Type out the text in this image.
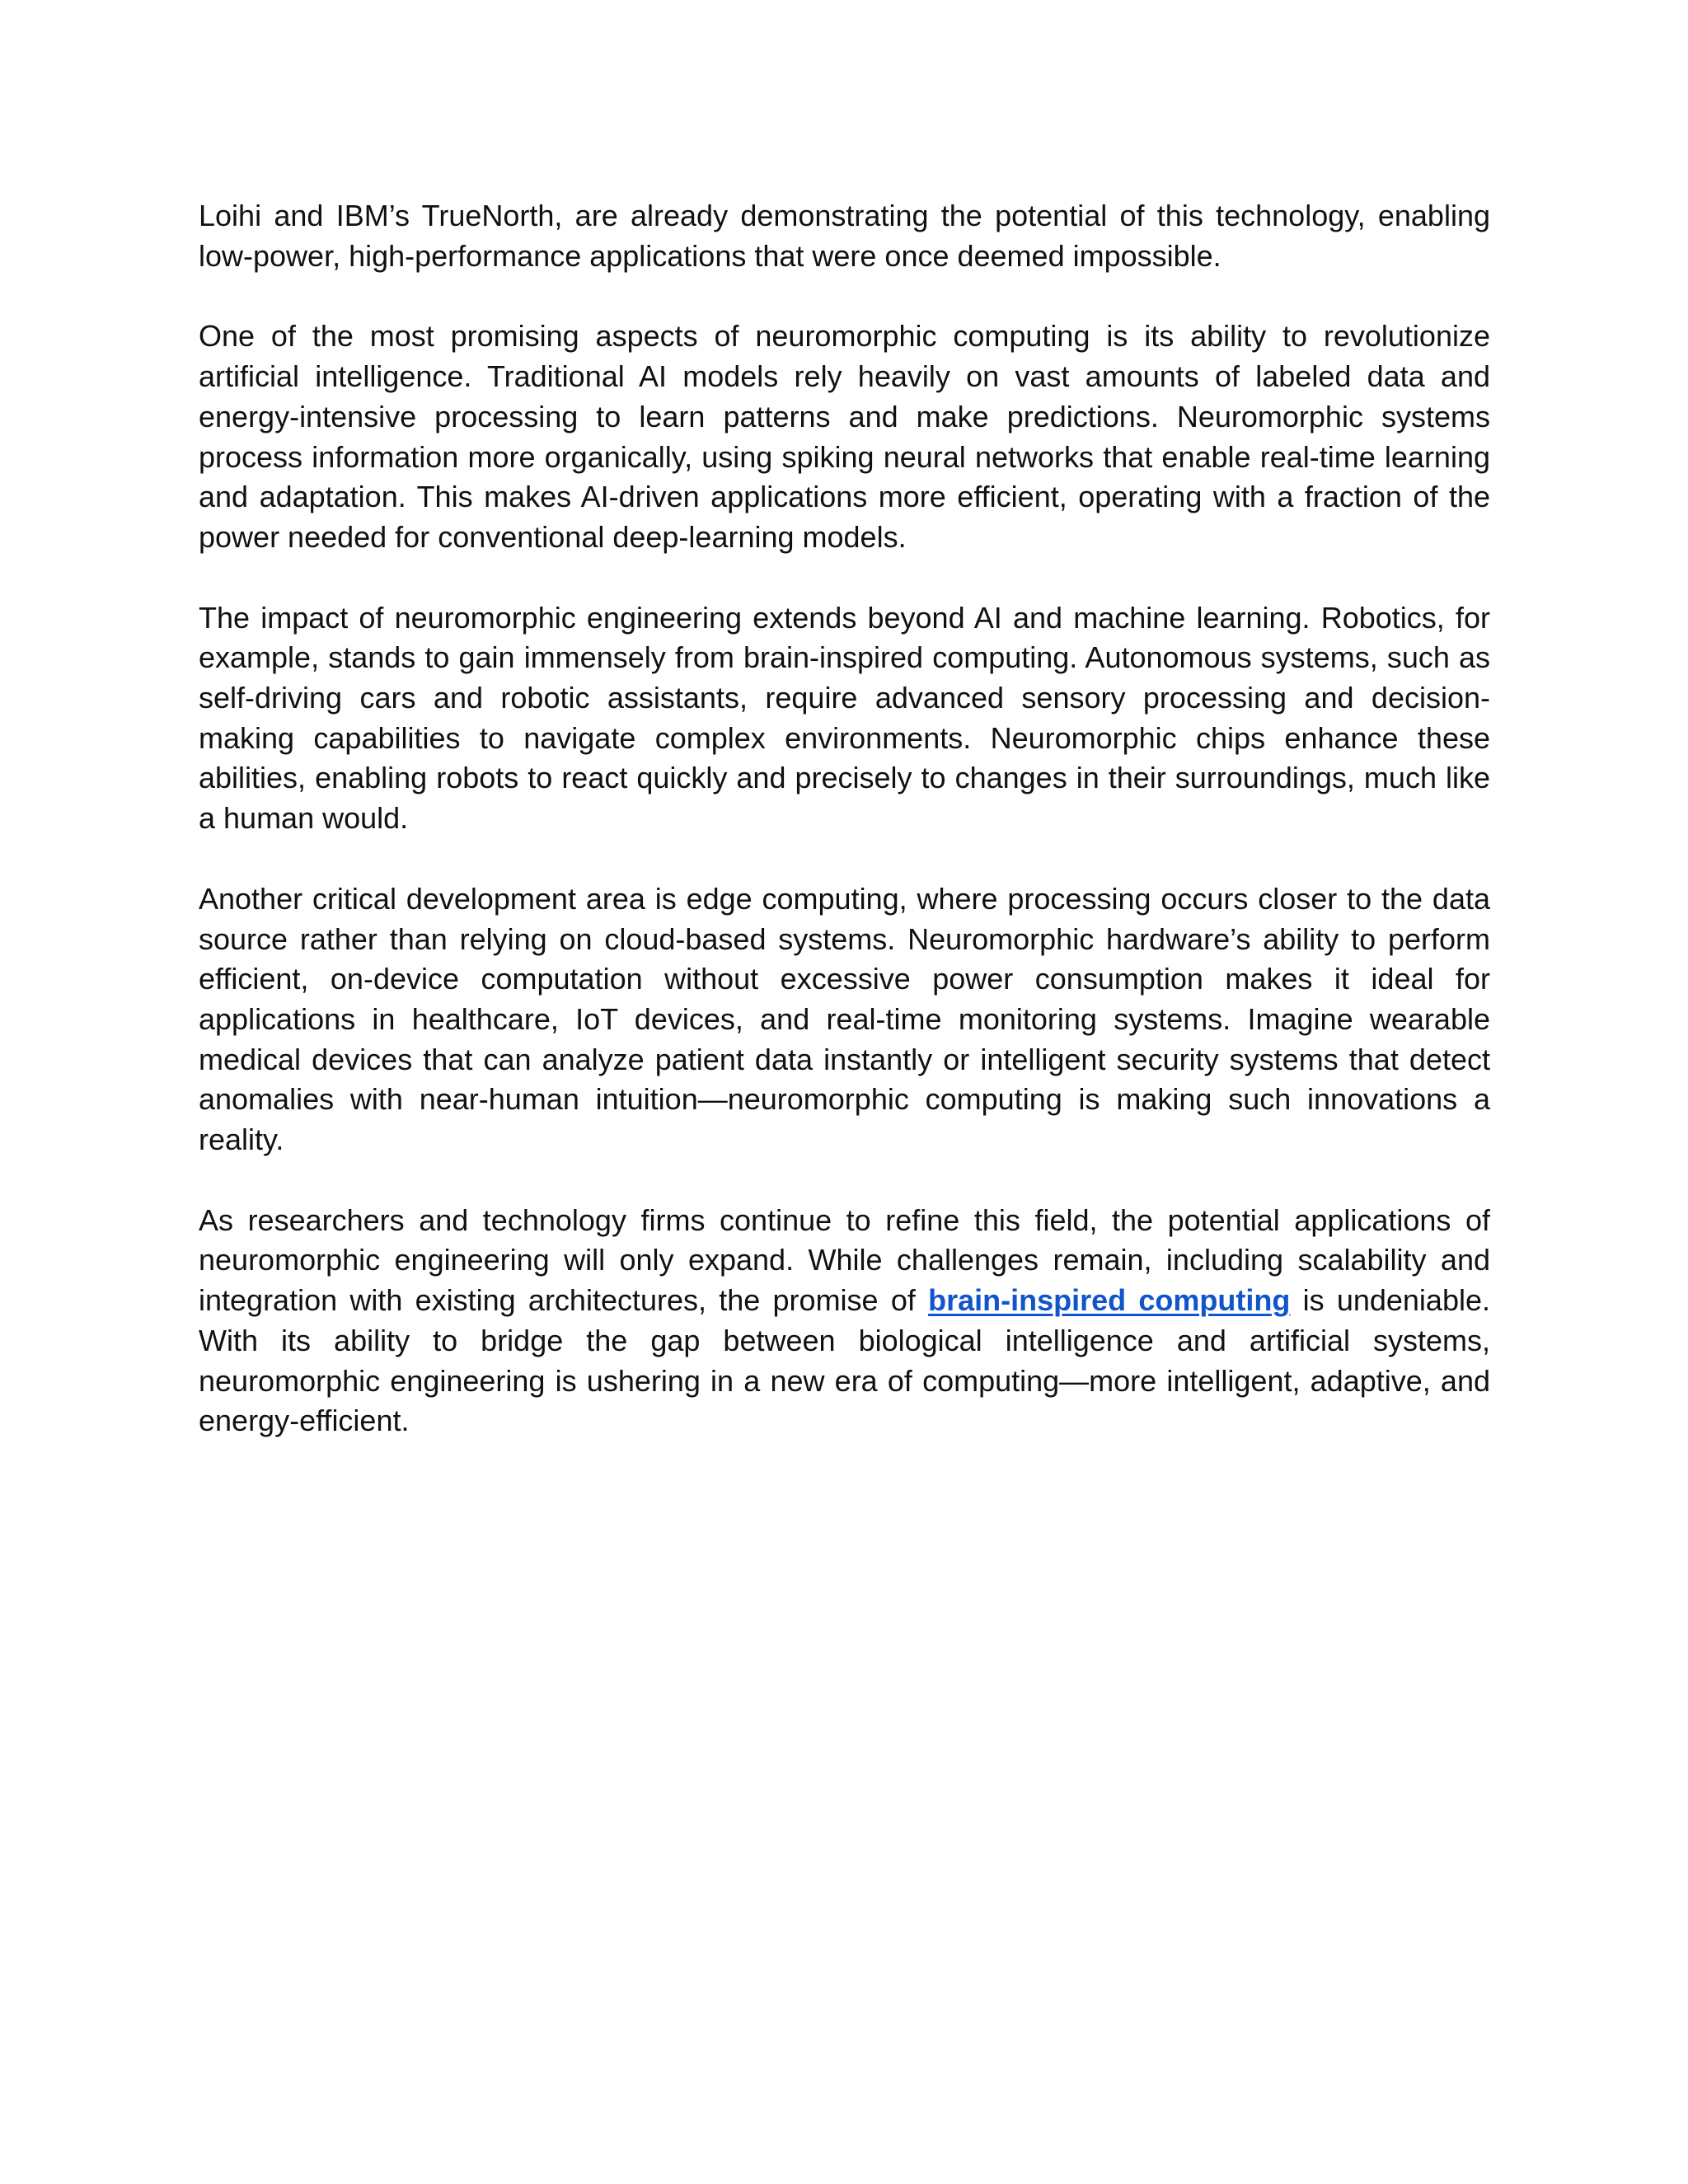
Loihi and IBM’s TrueNorth, are already demonstrating the potential of this technology, enabling low-power, high-performance applications that were once deemed impossible.

One of the most promising aspects of neuromorphic computing is its ability to revolutionize artificial intelligence. Traditional AI models rely heavily on vast amounts of labeled data and energy-intensive processing to learn patterns and make predictions. Neuromorphic systems process information more organically, using spiking neural networks that enable real-time learning and adaptation. This makes AI-driven applications more efficient, operating with a fraction of the power needed for conventional deep-learning models.

The impact of neuromorphic engineering extends beyond AI and machine learning. Robotics, for example, stands to gain immensely from brain-inspired computing. Autonomous systems, such as self-driving cars and robotic assistants, require advanced sensory processing and decision-making capabilities to navigate complex environments. Neuromorphic chips enhance these abilities, enabling robots to react quickly and precisely to changes in their surroundings, much like a human would.

Another critical development area is edge computing, where processing occurs closer to the data source rather than relying on cloud-based systems. Neuromorphic hardware’s ability to perform efficient, on-device computation without excessive power consumption makes it ideal for applications in healthcare, IoT devices, and real-time monitoring systems. Imagine wearable medical devices that can analyze patient data instantly or intelligent security systems that detect anomalies with near-human intuition—neuromorphic computing is making such innovations a reality.

As researchers and technology firms continue to refine this field, the potential applications of neuromorphic engineering will only expand. While challenges remain, including scalability and integration with existing architectures, the promise of brain-inspired computing is undeniable. With its ability to bridge the gap between biological intelligence and artificial systems, neuromorphic engineering is ushering in a new era of computing—more intelligent, adaptive, and energy-efficient.
